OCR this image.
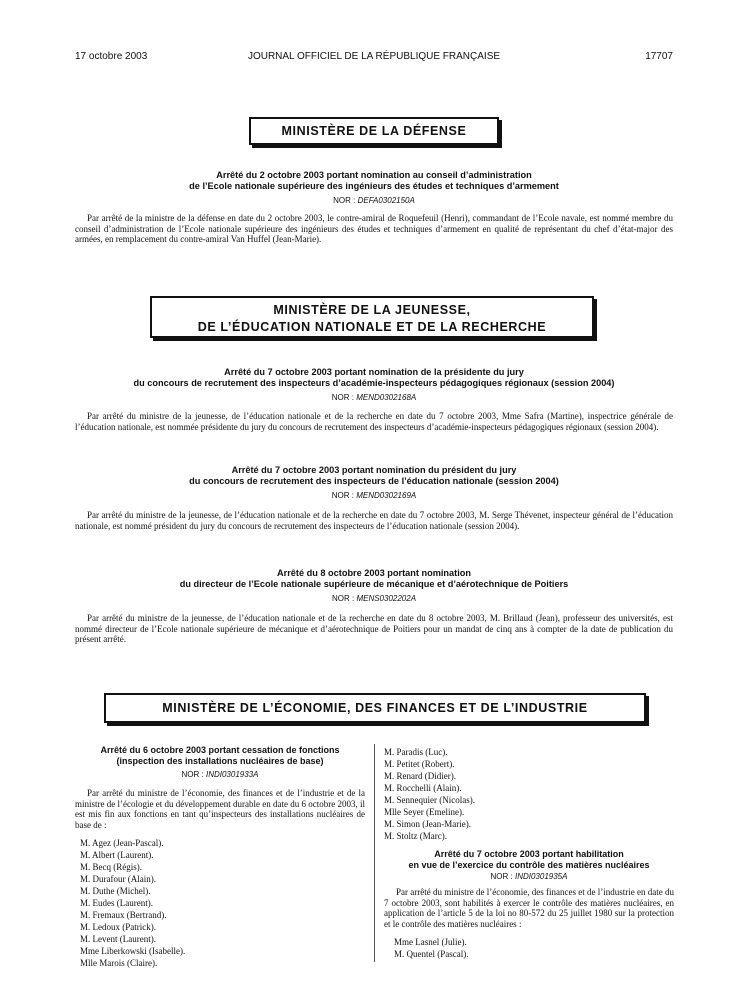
17 octobre 2003	JOURNAL OFFICIEL DE LA RÉPUBLIQUE FRANÇAISE	17707
MINISTÈRE DE LA DÉFENSE
Arrêté du 2 octobre 2003 portant nomination au conseil d’administration
de l’Ecole nationale supérieure des ingénieurs des études et techniques d’armement
NOR : DEFA0302150A
Par arrêté de la ministre de la défense en date du 2 octobre 2003, le contre-amiral de Roquefeuil (Henri), commandant de l’Ecole navale, est nommé membre du conseil d’administration de l’Ecole nationale supérieure des ingénieurs des études et techniques d’armement en qualité de représentant du chef d’état-major des armées, en remplacement du contre-amiral Van Huffel (Jean-Marie).
MINISTÈRE DE LA JEUNESSE,
DE L’ÉDUCATION NATIONALE ET DE LA RECHERCHE
Arrêté du 7 octobre 2003 portant nomination de la présidente du jury
du concours de recrutement des inspecteurs d’académie-inspecteurs pédagogiques régionaux (session 2004)
NOR : MEND0302168A
Par arrêté du ministre de la jeunesse, de l’éducation nationale et de la recherche en date du 7 octobre 2003, Mme Safra (Martine), inspectrice générale de l’éducation nationale, est nommée présidente du jury du concours de recrutement des inspecteurs d’académie-inspecteurs pédagogiques régionaux (session 2004).
Arrêté du 7 octobre 2003 portant nomination du président du jury
du concours de recrutement des inspecteurs de l’éducation nationale (session 2004)
NOR : MEND0302169A
Par arrêté du ministre de la jeunesse, de l’éducation nationale et de la recherche en date du 7 octobre 2003, M. Serge Thévenet, inspecteur général de l’éducation nationale, est nommé président du jury du concours de recrutement des inspecteurs de l’éducation nationale (session 2004).
Arrêté du 8 octobre 2003 portant nomination
du directeur de l’Ecole nationale supérieure de mécanique et d’aérotechnique de Poitiers
NOR : MENS0302202A
Par arrêté du ministre de la jeunesse, de l’éducation nationale et de la recherche en date du 8 octobre 2003, M. Brillaud (Jean), professeur des universités, est nommé directeur de l’Ecole nationale supérieure de mécanique et d’aérotechnique de Poitiers pour un mandat de cinq ans à compter de la date de publication du présent arrêté.
MINISTÈRE DE L’ÉCONOMIE, DES FINANCES ET DE L’INDUSTRIE
Arrêté du 6 octobre 2003 portant cessation de fonctions
(inspection des installations nucléaires de base)
NOR : INDI0301933A
Par arrêté du ministre de l’économie, des finances et de l’industrie et de la ministre de l’écologie et du développement durable en date du 6 octobre 2003, il est mis fin aux fonctions en tant qu’inspecteurs des installations nucléaires de base de :
M. Agez (Jean-Pascal).
M. Albert (Laurent).
M. Becq (Régis).
M. Durafour (Alain).
M. Duthe (Michel).
M. Eudes (Laurent).
M. Fremaux (Bertrand).
M. Ledoux (Patrick).
M. Levent (Laurent).
Mme Liberkowski (Isabelle).
Mlle Marois (Claire).
M. Paradis (Luc).
M. Petitet (Robert).
M. Renard (Didier).
M. Rocchelli (Alain).
M. Sennequier (Nicolas).
Mlle Seyer (Emeline).
M. Simon (Jean-Marie).
M. Stoltz (Marc).
Arrêté du 7 octobre 2003 portant habilitation
en vue de l’exercice du contrôle des matières nucléaires
NOR : INDI0301935A
Par arrêté du ministre de l’économie, des finances et de l’industrie en date du 7 octobre 2003, sont habilités à exercer le contrôle des matières nucléaires, en application de l’article 5 de la loi no 80-572 du 25 juillet 1980 sur la protection et le contrôle des matières nucléaires :
Mme Lasnel (Julie).
M. Quentel (Pascal).
